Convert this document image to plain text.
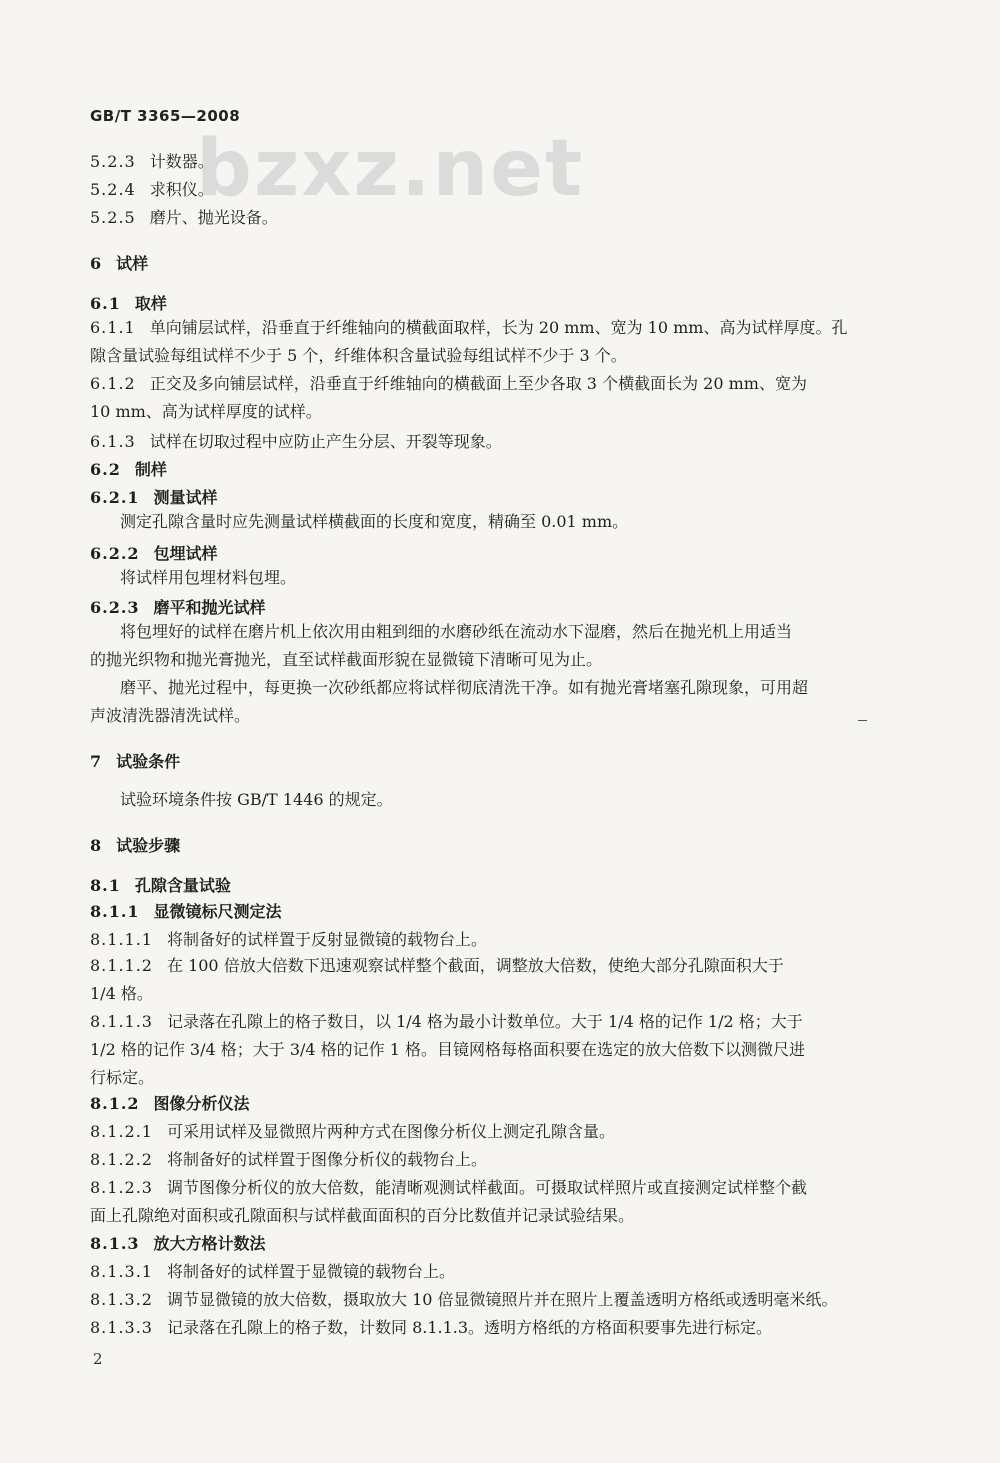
GB/T 3365—2008
bzxz.net
5.2.3 计数器。
5.2.4 求积仪。
5.2.5 磨片、抛光设备。
6 试样
6.1 取样
6.1.1 单向铺层试样，沿垂直于纤维轴向的横截面取样，长为 20 mm、宽为 10 mm、高为试样厚度。孔
隙含量试验每组试样不少于 5 个，纤维体积含量试验每组试样不少于 3 个。
6.1.2 正交及多向铺层试样，沿垂直于纤维轴向的横截面上至少各取 3 个横截面长为 20 mm、宽为
10 mm、高为试样厚度的试样。
6.1.3 试样在切取过程中应防止产生分层、开裂等现象。
6.2 制样
6.2.1 测量试样
测定孔隙含量时应先测量试样横截面的长度和宽度，精确至 0.01 mm。
6.2.2 包埋试样
将试样用包埋材料包埋。
6.2.3 磨平和抛光试样
将包埋好的试样在磨片机上依次用由粗到细的水磨砂纸在流动水下湿磨，然后在抛光机上用适当
的抛光织物和抛光膏抛光，直至试样截面形貌在显微镜下清晰可见为止。
磨平、抛光过程中，每更换一次砂纸都应将试样彻底清洗干净。如有抛光膏堵塞孔隙现象，可用超
声波清洗器清洗试样。
7 试验条件
试验环境条件按 GB/T 1446 的规定。
8 试验步骤
8.1 孔隙含量试验
8.1.1 显微镜标尺测定法
8.1.1.1 将制备好的试样置于反射显微镜的载物台上。
8.1.1.2 在 100 倍放大倍数下迅速观察试样整个截面，调整放大倍数，使绝大部分孔隙面积大于
1/4 格。
8.1.1.3 记录落在孔隙上的格子数日，以 1/4 格为最小计数单位。大于 1/4 格的记作 1/2 格；大于
1/2 格的记作 3/4 格；大于 3/4 格的记作 1 格。目镜网格每格面积要在选定的放大倍数下以测微尺进
行标定。
8.1.2 图像分析仪法
8.1.2.1 可采用试样及显微照片两种方式在图像分析仪上测定孔隙含量。
8.1.2.2 将制备好的试样置于图像分析仪的载物台上。
8.1.2.3 调节图像分析仪的放大倍数，能清晰观测试样截面。可摄取试样照片或直接测定试样整个截
面上孔隙绝对面积或孔隙面积与试样截面面积的百分比数值并记录试验结果。
8.1.3 放大方格计数法
8.1.3.1 将制备好的试样置于显微镜的载物台上。
8.1.3.2 调节显微镜的放大倍数，摄取放大 10 倍显微镜照片并在照片上覆盖透明方格纸或透明毫米纸。
8.1.3.3 记录落在孔隙上的格子数，计数同 8.1.1.3。透明方格纸的方格面积要事先进行标定。
2
